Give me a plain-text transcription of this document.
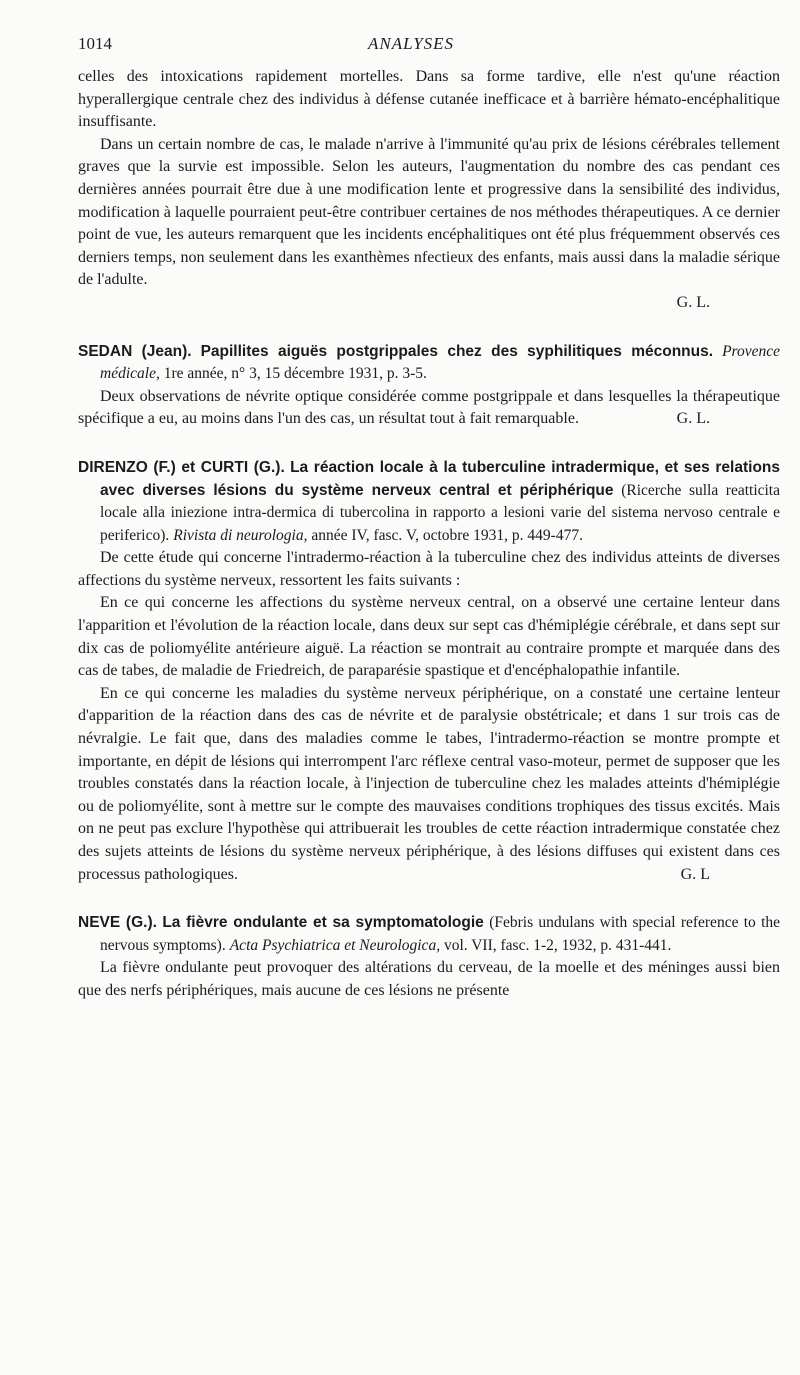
1014	ANALYSES

celles des intoxications rapidement mortelles. Dans sa forme tardive, elle n'est qu'une réaction hyperallergique centrale chez des individus à défense cutanée inefficace et à barrière hémato-encéphalitique insuffisante.

Dans un certain nombre de cas, le malade n'arrive à l'immunité qu'au prix de lésions cérébrales tellement graves que la survie est impossible. Selon les auteurs, l'augmentation du nombre des cas pendant ces dernières années pourrait être due à une modification lente et progressive dans la sensibilité des individus, modification à laquelle pourraient peut-être contribuer certaines de nos méthodes thérapeutiques. A ce dernier point de vue, les auteurs remarquent que les incidents encéphalitiques ont été plus fréquemment observés ces derniers temps, non seulement dans les exanthèmes nfectieux des enfants, mais aussi dans la maladie sérique de l'adulte.

G. L.

SEDAN (Jean). Papillites aiguës postgrippales chez des syphilitiques méconnus. Provence médicale, 1re année, n° 3, 15 décembre 1931, p. 3-5.

Deux observations de névrite optique considérée comme postgrippale et dans lesquelles la thérapeutique spécifique a eu, au moins dans l'un des cas, un résultat tout à fait remarquable.	G. L.

DIRENZO (F.) et CURTI (G.). La réaction locale à la tuberculine intradermique, et ses relations avec diverses lésions du système nerveux central et périphérique (Ricerche sulla reatticita locale alla iniezione intra-dermica di tubercolina in rapporto a lesioni varie del sistema nervoso centrale e periferico). Rivista di neurologia, année IV, fasc. V, octobre 1931, p. 449-477.

De cette étude qui concerne l'intradermo-réaction à la tuberculine chez des individus atteints de diverses affections du système nerveux, ressortent les faits suivants :

En ce qui concerne les affections du système nerveux central, on a observé une certaine lenteur dans l'apparition et l'évolution de la réaction locale, dans deux sur sept cas d'hémiplégie cérébrale, et dans sept sur dix cas de poliomyélite antérieure aiguë. La réaction se montrait au contraire prompte et marquée dans des cas de tabes, de maladie de Friedreich, de paraparésie spastique et d'encéphalopathie infantile.

En ce qui concerne les maladies du système nerveux périphérique, on a constaté une certaine lenteur d'apparition de la réaction dans des cas de névrite et de paralysie obstétricale; et dans 1 sur trois cas de névralgie. Le fait que, dans des maladies comme le tabes, l'intradermo-réaction se montre prompte et importante, en dépit de lésions qui interrompent l'arc réflexe central vaso-moteur, permet de supposer que les troubles constatés dans la réaction locale, à l'injection de tuberculine chez les malades atteints d'hémiplégie ou de poliomyélite, sont à mettre sur le compte des mauvaises conditions trophiques des tissus excités. Mais on ne peut pas exclure l'hypothèse qui attribuerait les troubles de cette réaction intradermique constatée chez des sujets atteints de lésions du système nerveux périphérique, à des lésions diffuses qui existent dans ces processus pathologiques.	G. L

NEVE (G.). La fièvre ondulante et sa symptomatologie (Febris undulans with special reference to the nervous symptoms). Acta Psychiatrica et Neurologica, vol. VII, fasc. 1-2, 1932, p. 431-441.

La fièvre ondulante peut provoquer des altérations du cerveau, de la moelle et des méninges aussi bien que des nerfs périphériques, mais aucune de ces lésions ne présente
